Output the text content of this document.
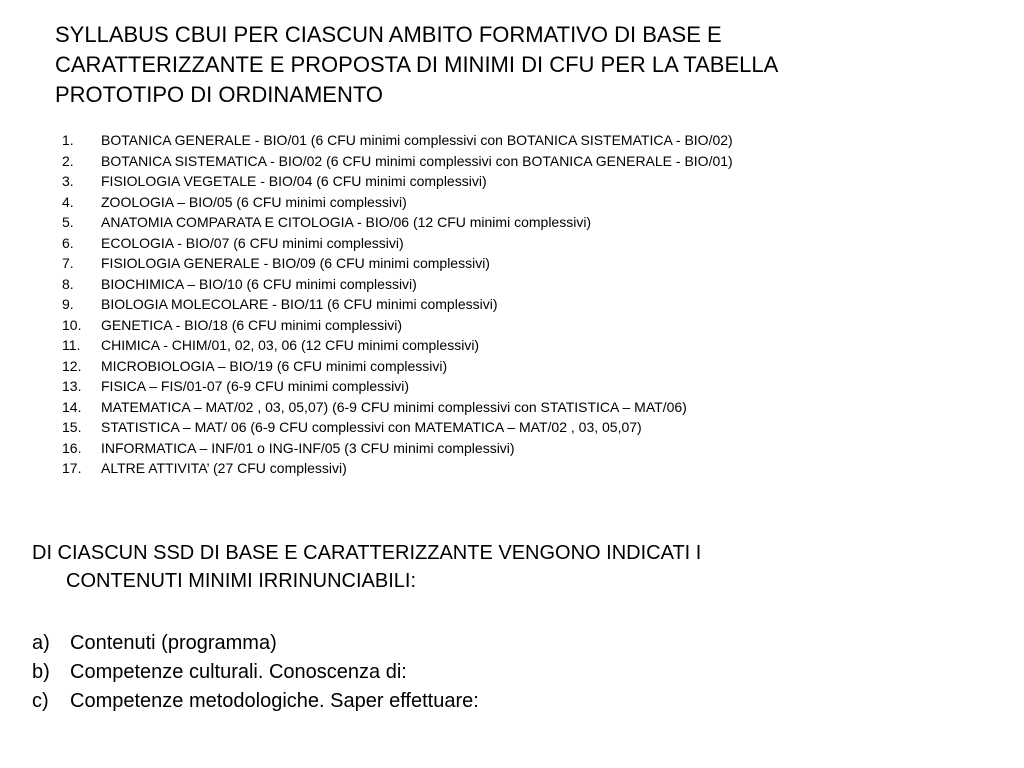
SYLLABUS CBUI PER CIASCUN AMBITO FORMATIVO DI BASE E
CARATTERIZZANTE E PROPOSTA DI MINIMI DI CFU PER LA TABELLA
PROTOTIPO DI ORDINAMENTO
1.	BOTANICA GENERALE - BIO/01 (6 CFU minimi complessivi con BOTANICA SISTEMATICA - BIO/02)
2.	BOTANICA SISTEMATICA - BIO/02 (6 CFU minimi complessivi con BOTANICA GENERALE - BIO/01)
3.	FISIOLOGIA VEGETALE - BIO/04 (6 CFU minimi complessivi)
4.	ZOOLOGIA – BIO/05 (6 CFU minimi complessivi)
5.	ANATOMIA COMPARATA E CITOLOGIA - BIO/06 (12 CFU minimi complessivi)
6.	ECOLOGIA - BIO/07 (6 CFU minimi complessivi)
7.	FISIOLOGIA GENERALE - BIO/09 (6 CFU minimi complessivi)
8.	BIOCHIMICA – BIO/10 (6 CFU minimi complessivi)
9.	BIOLOGIA MOLECOLARE - BIO/11 (6 CFU minimi complessivi)
10.	GENETICA - BIO/18 (6 CFU minimi complessivi)
11.	CHIMICA - CHIM/01, 02, 03, 06 (12 CFU minimi complessivi)
12.	MICROBIOLOGIA – BIO/19 (6 CFU minimi complessivi)
13.	FISICA – FIS/01-07 (6-9 CFU minimi complessivi)
14.	MATEMATICA – MAT/02 , 03, 05,07) (6-9 CFU minimi complessivi con STATISTICA – MAT/06)
15.	STATISTICA – MAT/ 06 (6-9 CFU complessivi con MATEMATICA – MAT/02 , 03, 05,07)
16.	INFORMATICA – INF/01 o ING-INF/05 (3 CFU minimi complessivi)
17.	ALTRE ATTIVITA’ (27 CFU complessivi)

DI CIASCUN SSD DI BASE E CARATTERIZZANTE VENGONO INDICATI I
CONTENUTI MINIMI IRRINUNCIABILI:

a)	Contenuti (programma)
b)	Competenze culturali. Conoscenza di:
c)	Competenze metodologiche. Saper effettuare:
